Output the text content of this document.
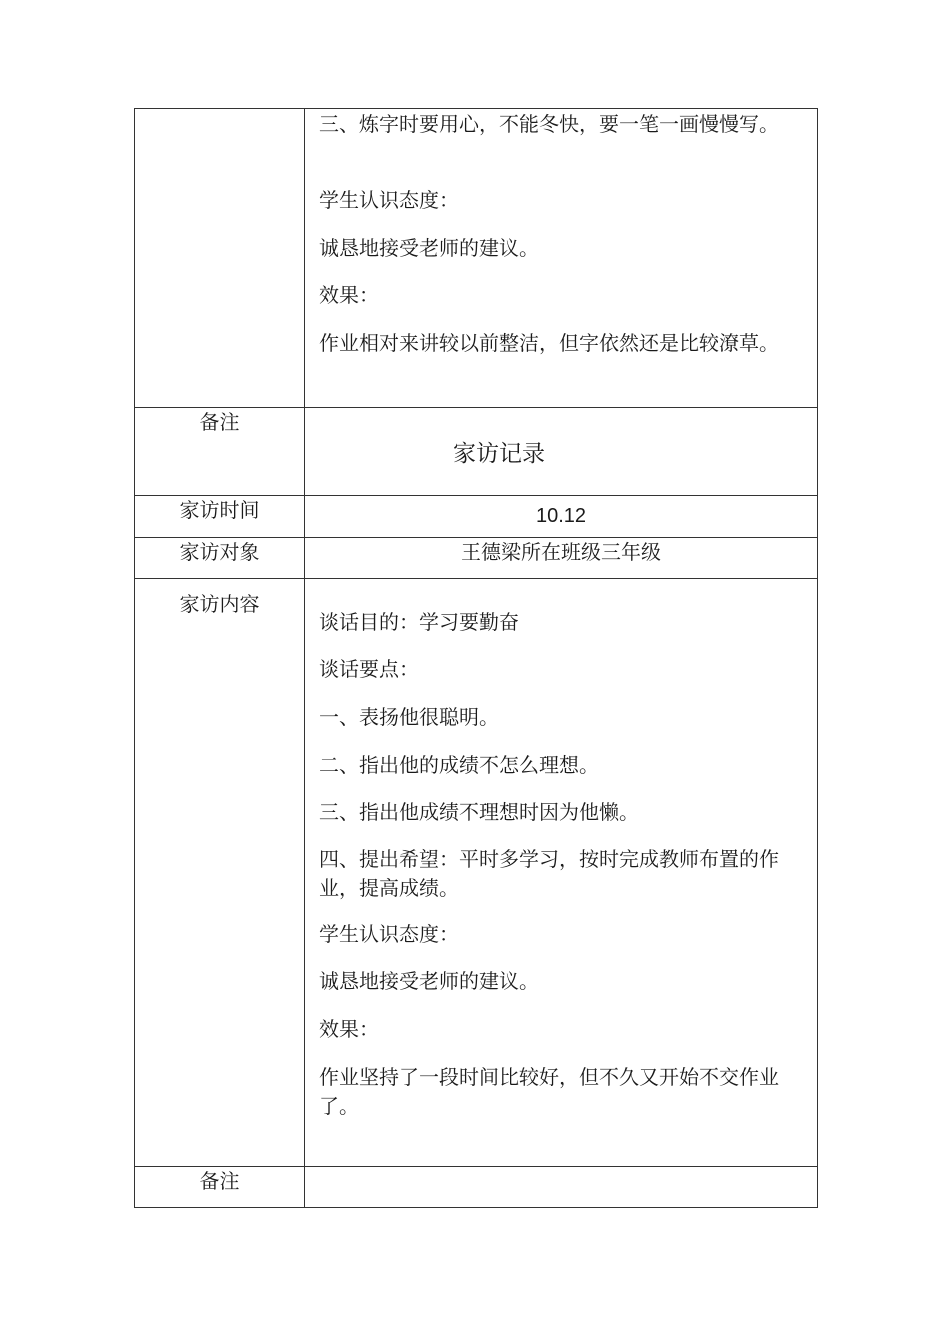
三、炼字时要用心，不能冬快，要一笔一画慢慢写。
学生认识态度：
诚恳地接受老师的建议。
效果：
作业相对来讲较以前整洁，但字依然还是比较潦草。
备注
家访记录
家访时间	10.12
家访对象	王德梁所在班级三年级
家访内容
谈话目的：学习要勤奋
谈话要点：
一、表扬他很聪明。
二、指出他的成绩不怎么理想。
三、指出他成绩不理想时因为他懒。
四、提出希望：平时多学习，按时完成教师布置的作业，提高成绩。
学生认识态度：
诚恳地接受老师的建议。
效果：
作业坚持了一段时间比较好，但不久又开始不交作业了。
备注
